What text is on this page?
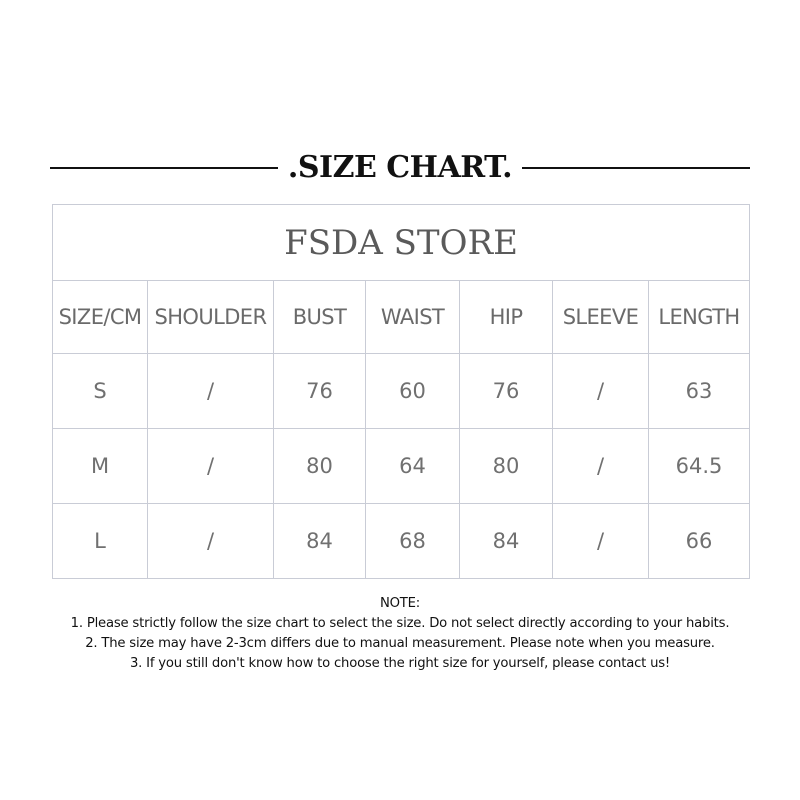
.SIZE CHART.
FSDA STORE						
SIZE/CM	SHOULDER	BUST	WAIST	HIP	SLEEVE	LENGTH
S	/	76	60	76	/	63
M	/	80	64	80	/	64.5
L	/	84	68	84	/	66
NOTE:
1. Please strictly follow the size chart to select the size. Do not select directly according to your habits.
2. The size may have 2-3cm differs due to manual measurement. Please note when you measure.
3. If you still don't know how to choose the right size for yourself, please contact us!
